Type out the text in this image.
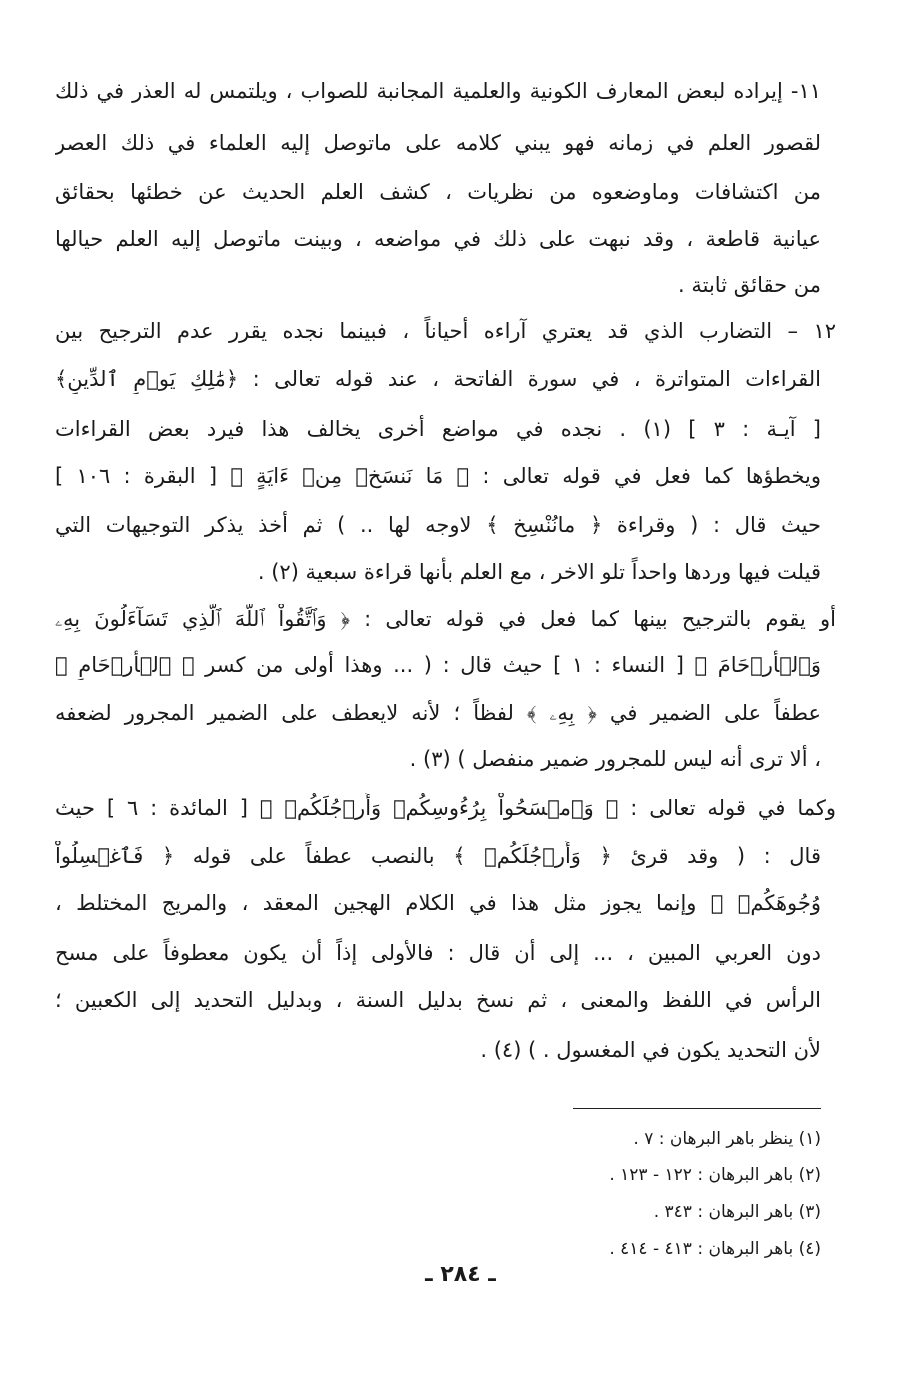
١١- إيراده لبعض المعارف الكونية والعلمية المجانبة للصواب ، ويلتمس له العذر في ذلك
لقصور العلم في زمانه فهو يبني كلامه على ماتوصل إليه العلماء في ذلك العصر
من اكتشافات وماوضعوه من نظريات ، كشف العلم الحديث عن خطئها بحقائق
عيانية قاطعة ، وقد نبهت على ذلك في مواضعه ، وبينت ماتوصل إليه العلم حيالها
من حقائق ثابتة .
١٢ – التضارب الذي قد يعتري آراءه أحياناً ، فبينما نجده يقرر عدم الترجيح بين
القراءات المتواترة ، في سورة الفاتحة ، عند قوله تعالى : ﴿مَٰلِكِ يَوۡمِ ٱلدِّينِ﴾
[ آيـة : ٣ ] (١) . نجده في مواضع أخرى يخالف هذا فيرد بعض القراءات
ويخطؤها كما فعل في قوله تعالى : ﴿ مَا نَنسَخۡ مِنۡ ءَايَةٍ ﴾ [ البقرة : ١٠٦ ]
حيث قال : ( وقراءة ﴿ مانُنْسِخ ﴾ لاوجه لها .. ) ثم أخذ يذكر التوجيهات التي
قيلت فيها وردها واحداً تلو الاخر ، مع العلم بأنها قراءة سبعية (٢) .
أو يقوم بالترجيح بينها كما فعل في قوله تعالى : ﴿ وَٱتَّقُواْ ٱللَّهَ ٱلَّذِي تَسَآءَلُونَ بِهِۦ
وَٱلۡأَرۡحَامَ ﴾ [ النساء : ١ ] حيث قال : ( ... وهذا أولى من كسر ﴿ ٱلۡأَرۡحَامِ ﴾
عطفاً على الضمير في ﴿ بِهِۦ ﴾ لفظاً ؛ لأنه لايعطف على الضمير المجرور لضعفه
، ألا ترى أنه ليس للمجرور ضمير منفصل ) (٣) .
وكما في قوله تعالى : ﴿ وَٱمۡسَحُواْ بِرُءُوسِكُمۡ وَأَرۡجُلَكُمۡ ﴾ [ المائدة : ٦ ] حيث
قال : ( وقد قرئ ﴿ وَأَرۡجُلَكُمۡ ﴾ بالنصب عطفاً على قوله ﴿ فَٱغۡسِلُواْ
وُجُوهَكُمۡ ﴾ وإنما يجوز مثل هذا في الكلام الهجين المعقد ، والمريج المختلط ،
دون العربي المبين ، ... إلى أن قال : فالأولى إذاً أن يكون معطوفاً على مسح
الرأس في اللفظ والمعنى ، ثم نسخ بدليل السنة ، وبدليل التحديد إلى الكعبين ؛
لأن التحديد يكون في المغسول . ) (٤) .
(١) ينظر باهر البرهان : ٧ .
(٢) باهر البرهان : ١٢٢ - ١٢٣ .
(٣) باهر البرهان : ٣٤٣ .
(٤) باهر البرهان : ٤١٣ - ٤١٤ .
ـ ٢٨٤ ـ
